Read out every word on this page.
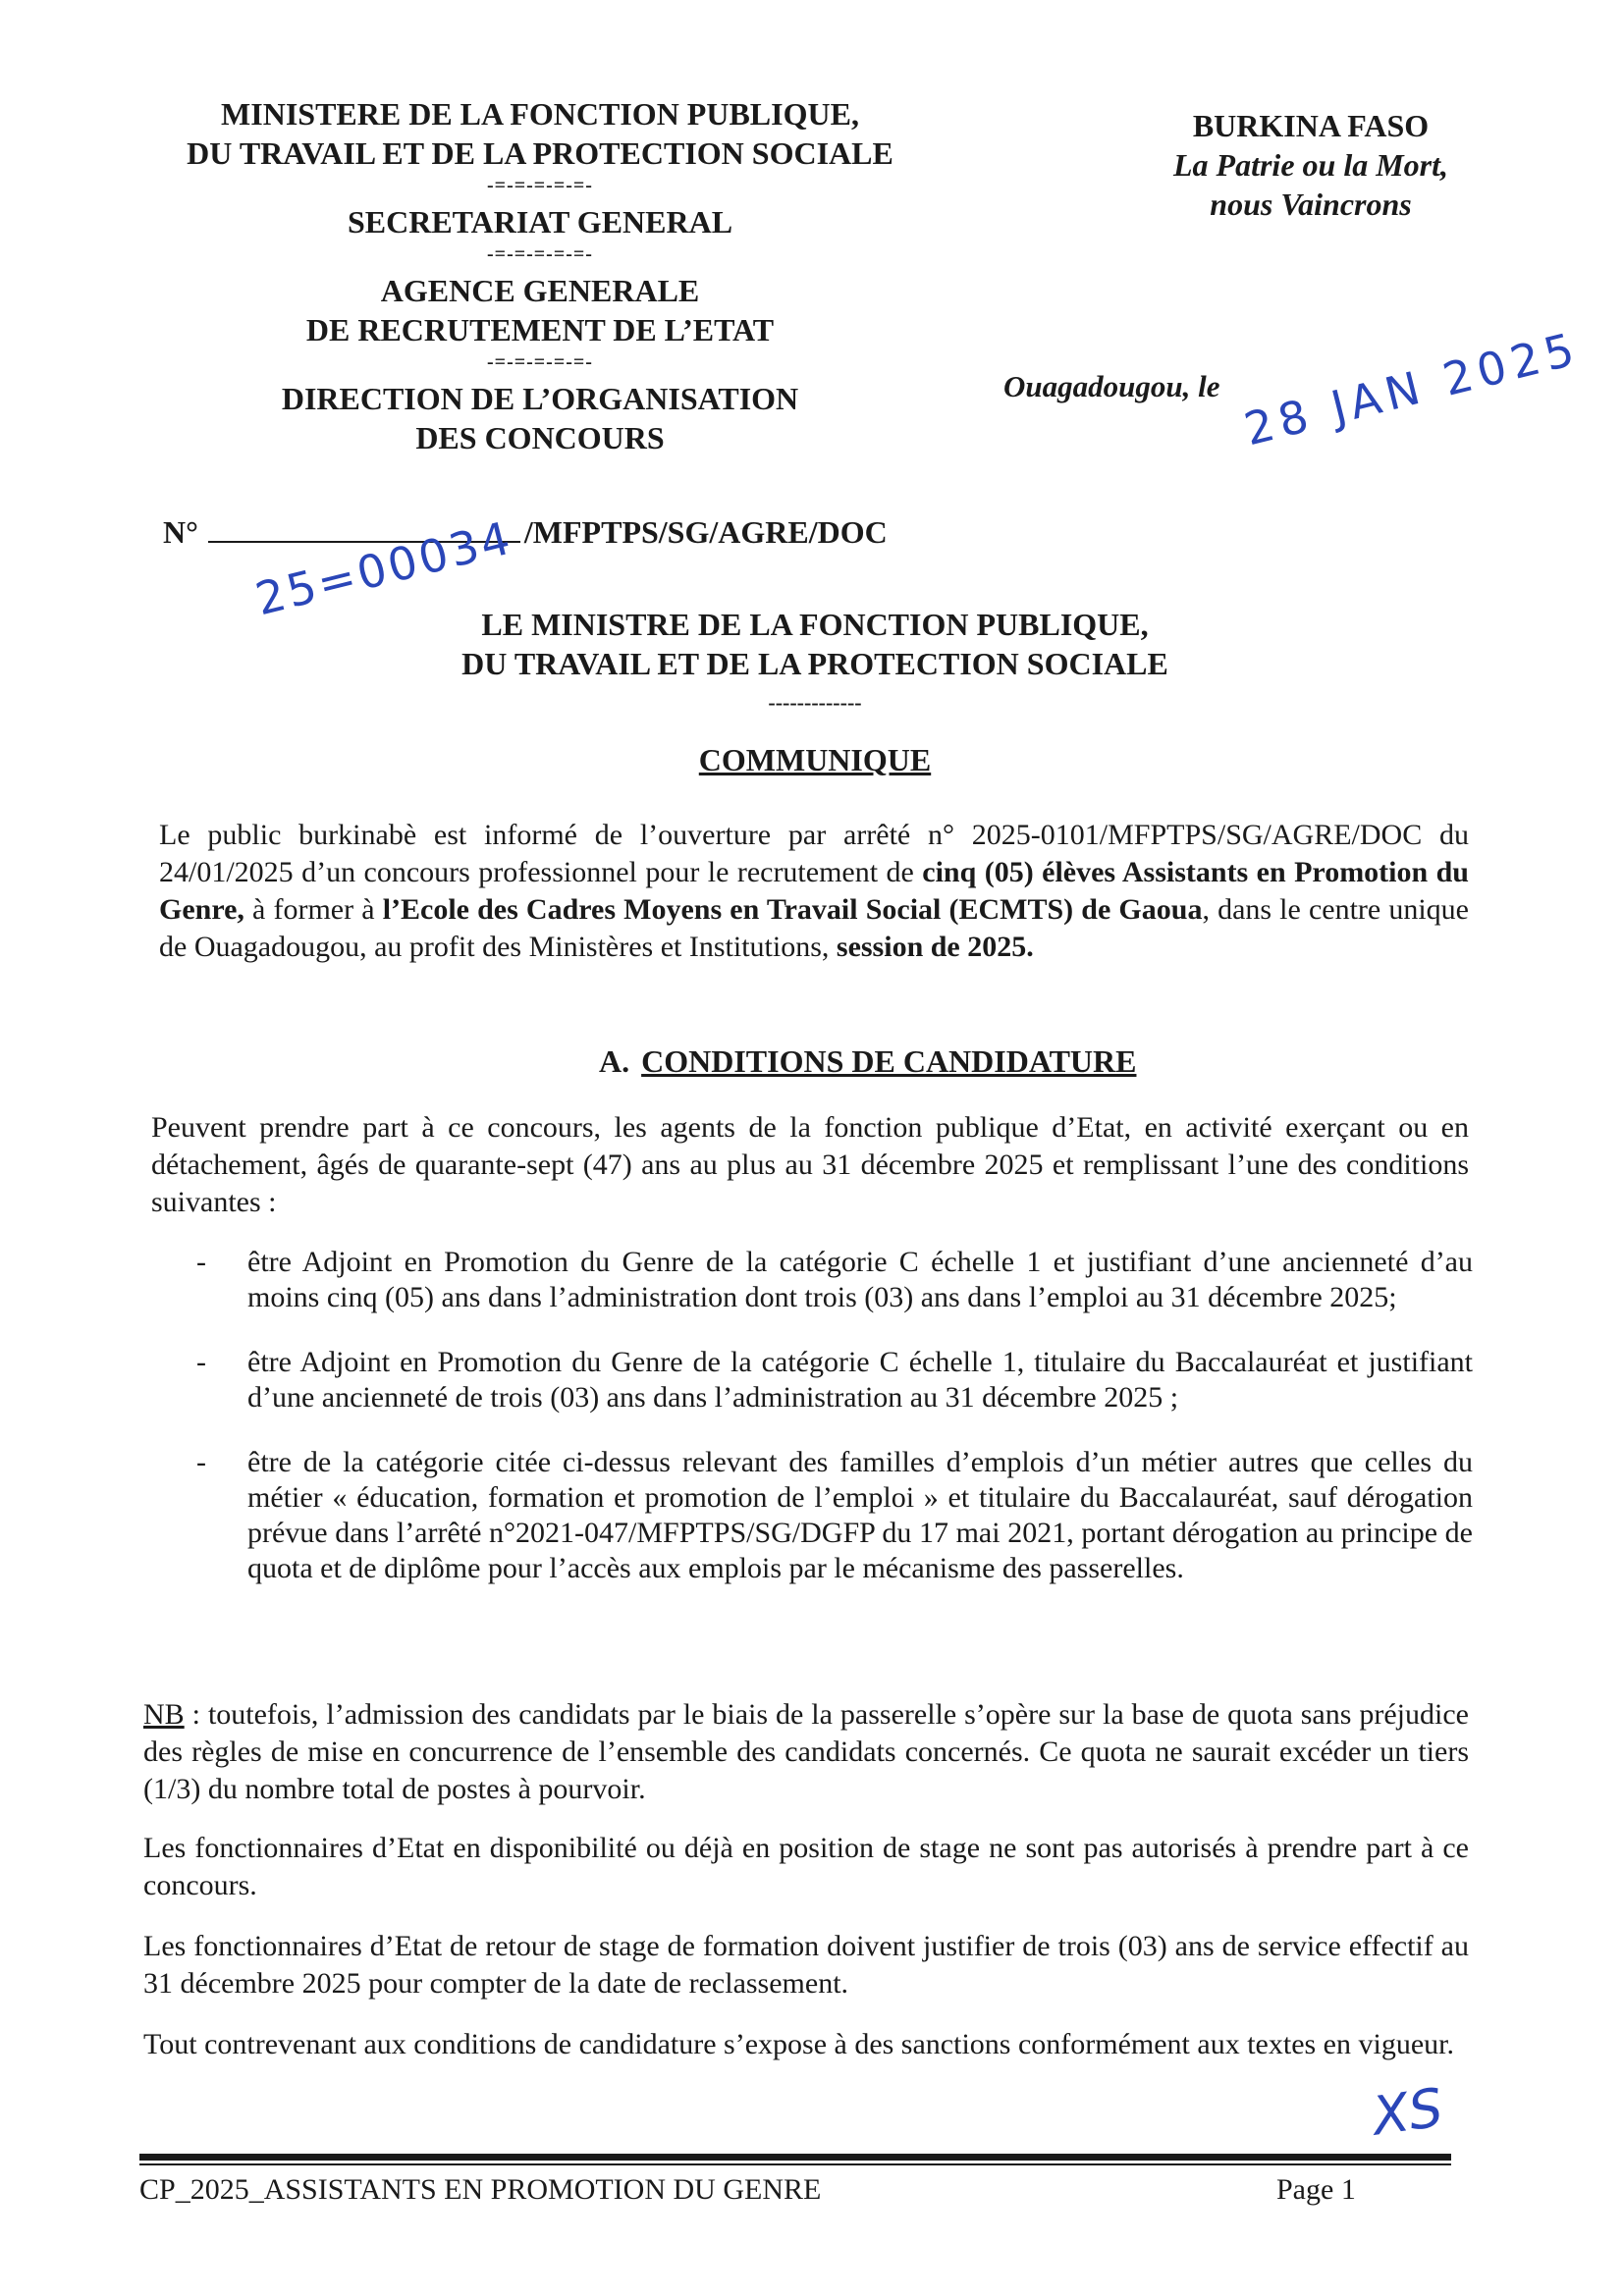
MINISTERE DE LA FONCTION PUBLIQUE,
DU TRAVAIL ET DE LA PROTECTION SOCIALE
-=-=-=-=-=-
SECRETARIAT GENERAL
-=-=-=-=-=-
AGENCE GENERALE
DE RECRUTEMENT DE L’ETAT
-=-=-=-=-=-
DIRECTION DE L’ORGANISATION
DES CONCOURS
BURKINA FASO
La Patrie ou la Mort,
nous Vaincrons
Ouagadougou, le 28 JAN 2025
N°	/MFPTPS/SG/AGRE/DOC
25=00034
LE MINISTRE DE LA FONCTION PUBLIQUE,
DU TRAVAIL ET DE LA PROTECTION SOCIALE
-------------
COMMUNIQUE
Le public burkinabè est informé de l’ouverture par arrêté n° 2025-0101/MFPTPS/SG/AGRE/DOC du 24/01/2025 d’un concours professionnel pour le recrutement de cinq (05) élèves Assistants en Promotion du Genre, à former à l’Ecole des Cadres Moyens en Travail Social (ECMTS) de Gaoua, dans le centre unique de Ouagadougou, au profit des Ministères et Institutions, session de 2025.
A. CONDITIONS DE CANDIDATURE
Peuvent prendre part à ce concours, les agents de la fonction publique d’Etat, en activité exerçant ou en détachement, âgés de quarante-sept (47) ans au plus au 31 décembre 2025 et remplissant l’une des conditions suivantes :
-	être Adjoint en Promotion du Genre de la catégorie C échelle 1 et justifiant d’une ancienneté d’au moins cinq (05) ans dans l’administration dont trois (03) ans dans l’emploi au 31 décembre 2025;
-	être Adjoint en Promotion du Genre de la catégorie C échelle 1, titulaire du Baccalauréat et justifiant d’une ancienneté de trois (03) ans dans l’administration au 31 décembre 2025 ;
-	être de la catégorie citée ci-dessus relevant des familles d’emplois d’un métier autres que celles du métier « éducation, formation et promotion de l’emploi » et titulaire du Baccalauréat, sauf dérogation prévue dans l’arrêté n°2021-047/MFPTPS/SG/DGFP du 17 mai 2021, portant dérogation au principe de quota et de diplôme pour l’accès aux emplois par le mécanisme des passerelles.
NB : toutefois, l’admission des candidats par le biais de la passerelle s’opère sur la base de quota sans préjudice des règles de mise en concurrence de l’ensemble des candidats concernés. Ce quota ne saurait excéder un tiers (1/3) du nombre total de postes à pourvoir.
Les fonctionnaires d’Etat en disponibilité ou déjà en position de stage ne sont pas autorisés à prendre part à ce concours.
Les fonctionnaires d’Etat de retour de stage de formation doivent justifier de trois (03) ans de service effectif au 31 décembre 2025 pour compter de la date de reclassement.
Tout contrevenant aux conditions de candidature s’expose à des sanctions conformément aux textes en vigueur.
XS
CP_2025_ASSISTANTS EN PROMOTION DU GENRE	Page 1
